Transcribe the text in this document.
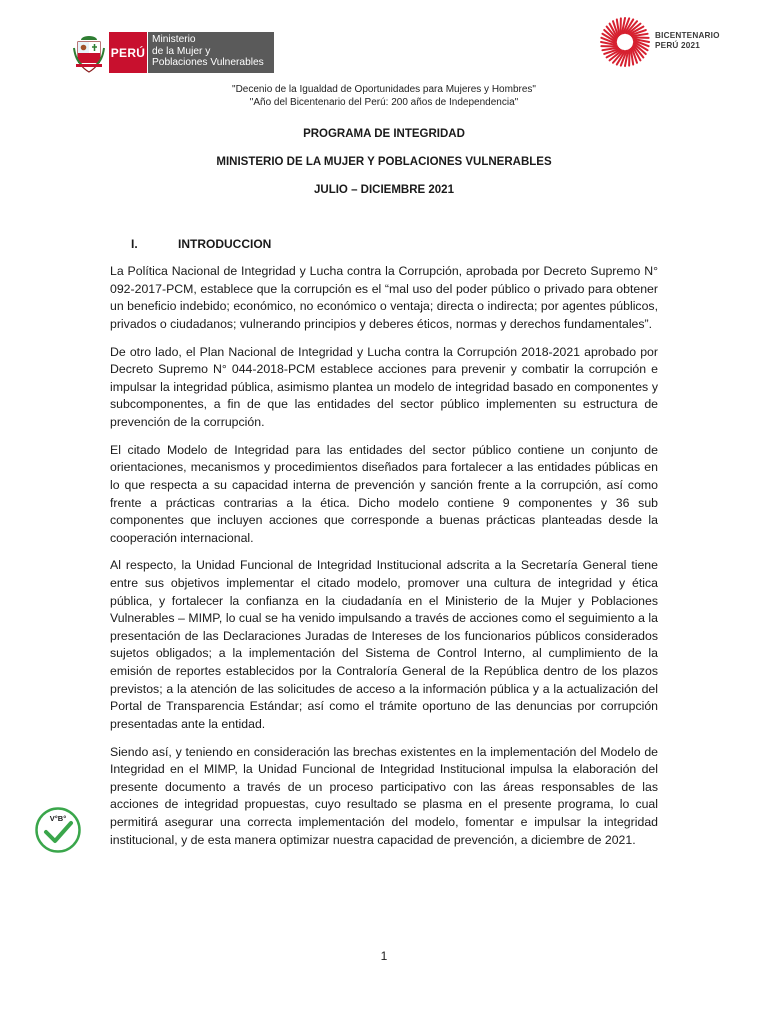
PERÚ
Ministerio
de la Mujer y
Poblaciones Vulnerables
BICENTENARIO
PERÚ 2021
"Decenio de la Igualdad de Oportunidades para Mujeres y Hombres"
"Año del Bicentenario del Perú: 200 años de Independencia"
PROGRAMA DE INTEGRIDAD
MINISTERIO DE LA MUJER Y POBLACIONES VULNERABLES
JULIO – DICIEMBRE 2021
I.	INTRODUCCION

La Política Nacional de Integridad y Lucha contra la Corrupción, aprobada por Decreto Supremo N° 092-2017-PCM, establece que la corrupción es el “mal uso del poder público o privado para obtener un beneficio indebido; económico, no económico o ventaja; directa o indirecta; por agentes públicos, privados o ciudadanos; vulnerando principios y deberes éticos, normas y derechos fundamentales”.

De otro lado, el Plan Nacional de Integridad y Lucha contra la Corrupción 2018-2021 aprobado por Decreto Supremo N° 044-2018-PCM establece acciones para prevenir y combatir la corrupción e impulsar la integridad pública, asimismo plantea un modelo de integridad basado en componentes y subcomponentes, a fin de que las entidades del sector público implementen su estructura de prevención de la corrupción.

El citado Modelo de Integridad para las entidades del sector público contiene un conjunto de orientaciones, mecanismos y procedimientos diseñados para fortalecer a las entidades públicas en lo que respecta a su capacidad interna de prevención y sanción frente a la corrupción, así como frente a prácticas contrarias a la ética. Dicho modelo contiene 9 componentes y 36 sub componentes que incluyen acciones que corresponde a buenas prácticas planteadas desde la cooperación internacional.

Al respecto, la Unidad Funcional de Integridad Institucional adscrita a la Secretaría General tiene entre sus objetivos implementar el citado modelo, promover una cultura de integridad y ética pública, y fortalecer la confianza en la ciudadanía en el Ministerio de la Mujer y Poblaciones Vulnerables – MIMP, lo cual se ha venido impulsando a través de acciones como el seguimiento a la presentación de las Declaraciones Juradas de Intereses de los funcionarios públicos considerados sujetos obligados; a la implementación del Sistema de Control Interno, al cumplimiento de la emisión de reportes establecidos por la Contraloría General de la República dentro de los plazos previstos; a la atención de las solicitudes de acceso a la información pública y a la actualización del Portal de Transparencia Estándar; así como el trámite oportuno de las denuncias por corrupción presentadas ante la entidad.

Siendo así, y teniendo en consideración las brechas existentes en la implementación del Modelo de Integridad en el MIMP, la Unidad Funcional de Integridad Institucional impulsa la elaboración del presente documento a través de un proceso participativo con las áreas responsables de las acciones de integridad propuestas, cuyo resultado se plasma en el presente programa, lo cual permitirá asegurar una correcta implementación del modelo, fomentar e impulsar la integridad institucional, y de esta manera optimizar nuestra capacidad de prevención, a diciembre de 2021.

V°B°
1
